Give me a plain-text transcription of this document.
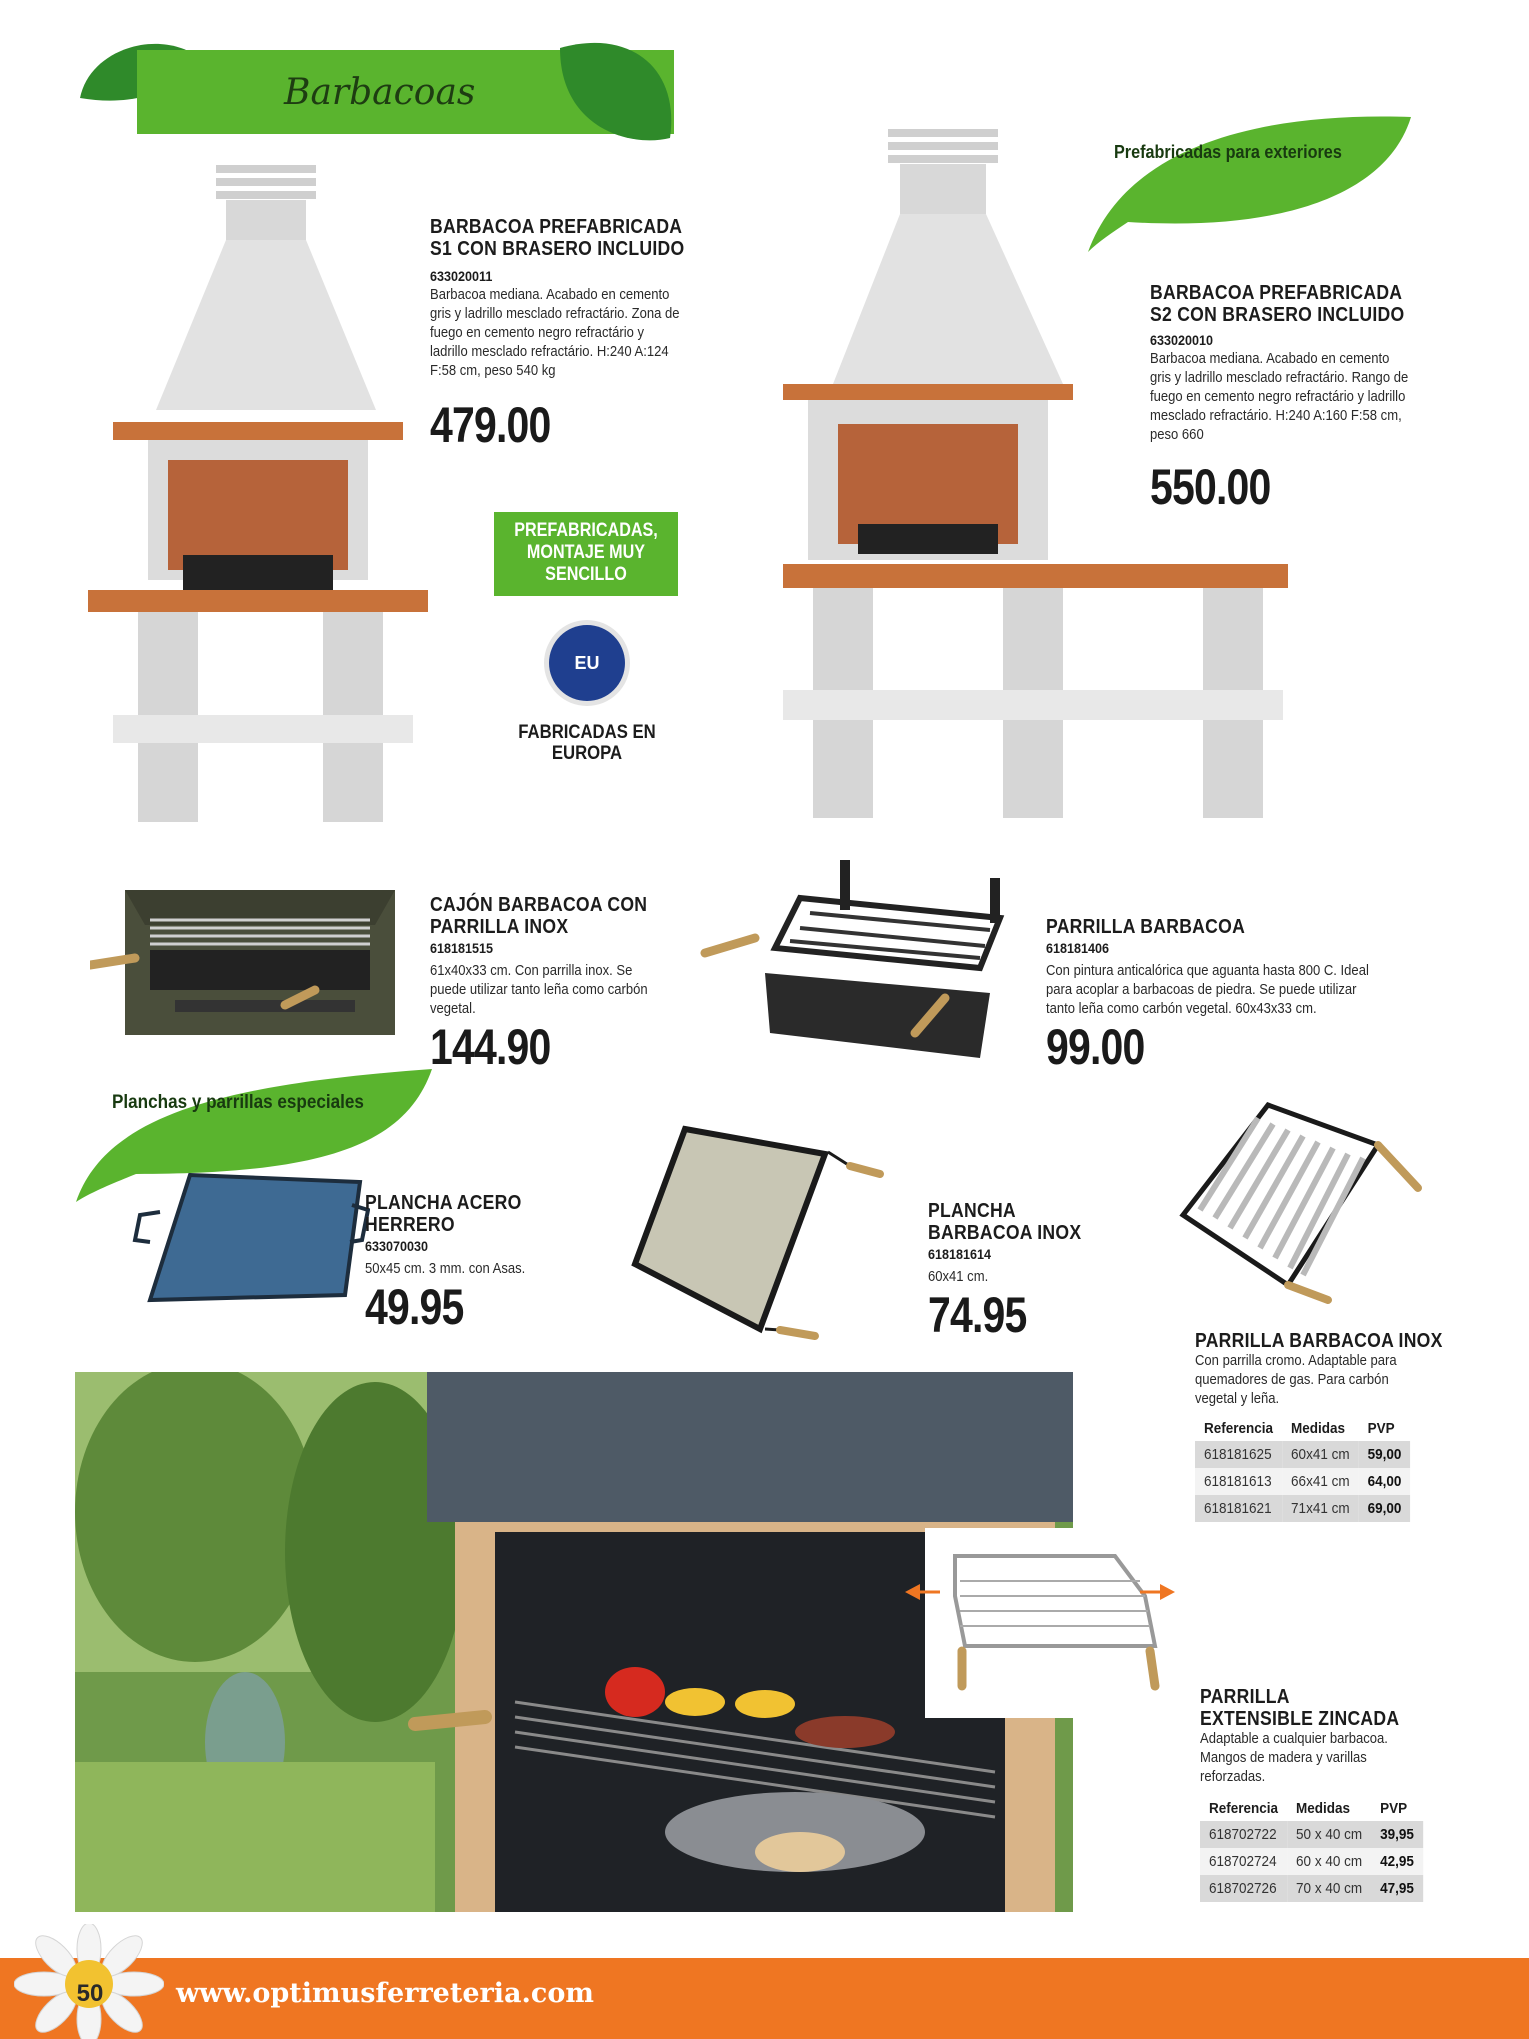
Barbacoas
Prefabricadas para exteriores
BARBACOA PREFABRICADA S1 CON BRASERO INCLUIDO
633020011
Barbacoa mediana. Acabado en cemento gris y ladrillo mesclado refractário. Zona de fuego en cemento negro refractário y ladrillo mesclado refractário. H:240 A:124 F:58 cm, peso 540 kg
479.00
PREFABRICADAS, MONTAJE MUY SENCILLO
EU
FABRICADAS EN EUROPA
BARBACOA PREFABRICADA S2 CON BRASERO INCLUIDO
633020010
Barbacoa mediana. Acabado en cemento gris y ladrillo mesclado refractário. Rango de fuego en cemento negro refractário y ladrillo mesclado refractário. H:240 A:160 F:58 cm, peso 660
550.00
CAJÓN BARBACOA CON PARRILLA INOX
618181515
61x40x33 cm. Con parrilla inox. Se puede utilizar tanto leña como carbón vegetal.
144.90
PARRILLA BARBACOA
618181406
Con pintura anticalórica que aguanta hasta 800 C. Ideal para acoplar a barbacoas de piedra. Se puede utilizar tanto leña como carbón vegetal. 60x43x33 cm.
99.00
Planchas y parrillas especiales
PLANCHA ACERO HERRERO
633070030
50x45 cm. 3 mm. con Asas.
49.95
PLANCHA BARBACOA INOX
618181614
60x41 cm.
74.95	PARRILLA BARBACOA INOX
Con parrilla cromo. Adaptable para quemadores de gas. Para carbón vegetal y leña.
Referencia	Medidas	PVP
618181625	60x41 cm	59,00
618181613	66x41 cm	64,00
618181621	71x41 cm	69,00
PARRILLA EXTENSIBLE ZINCADA
Adaptable a cualquier barbacoa. Mangos de madera y varillas reforzadas.
Referencia	Medidas	PVP
618702722	50 x 40 cm	39,95
618702724	60 x 40 cm	42,95
618702726	70 x 40 cm	47,95
50	www.optimusferreteria.com
